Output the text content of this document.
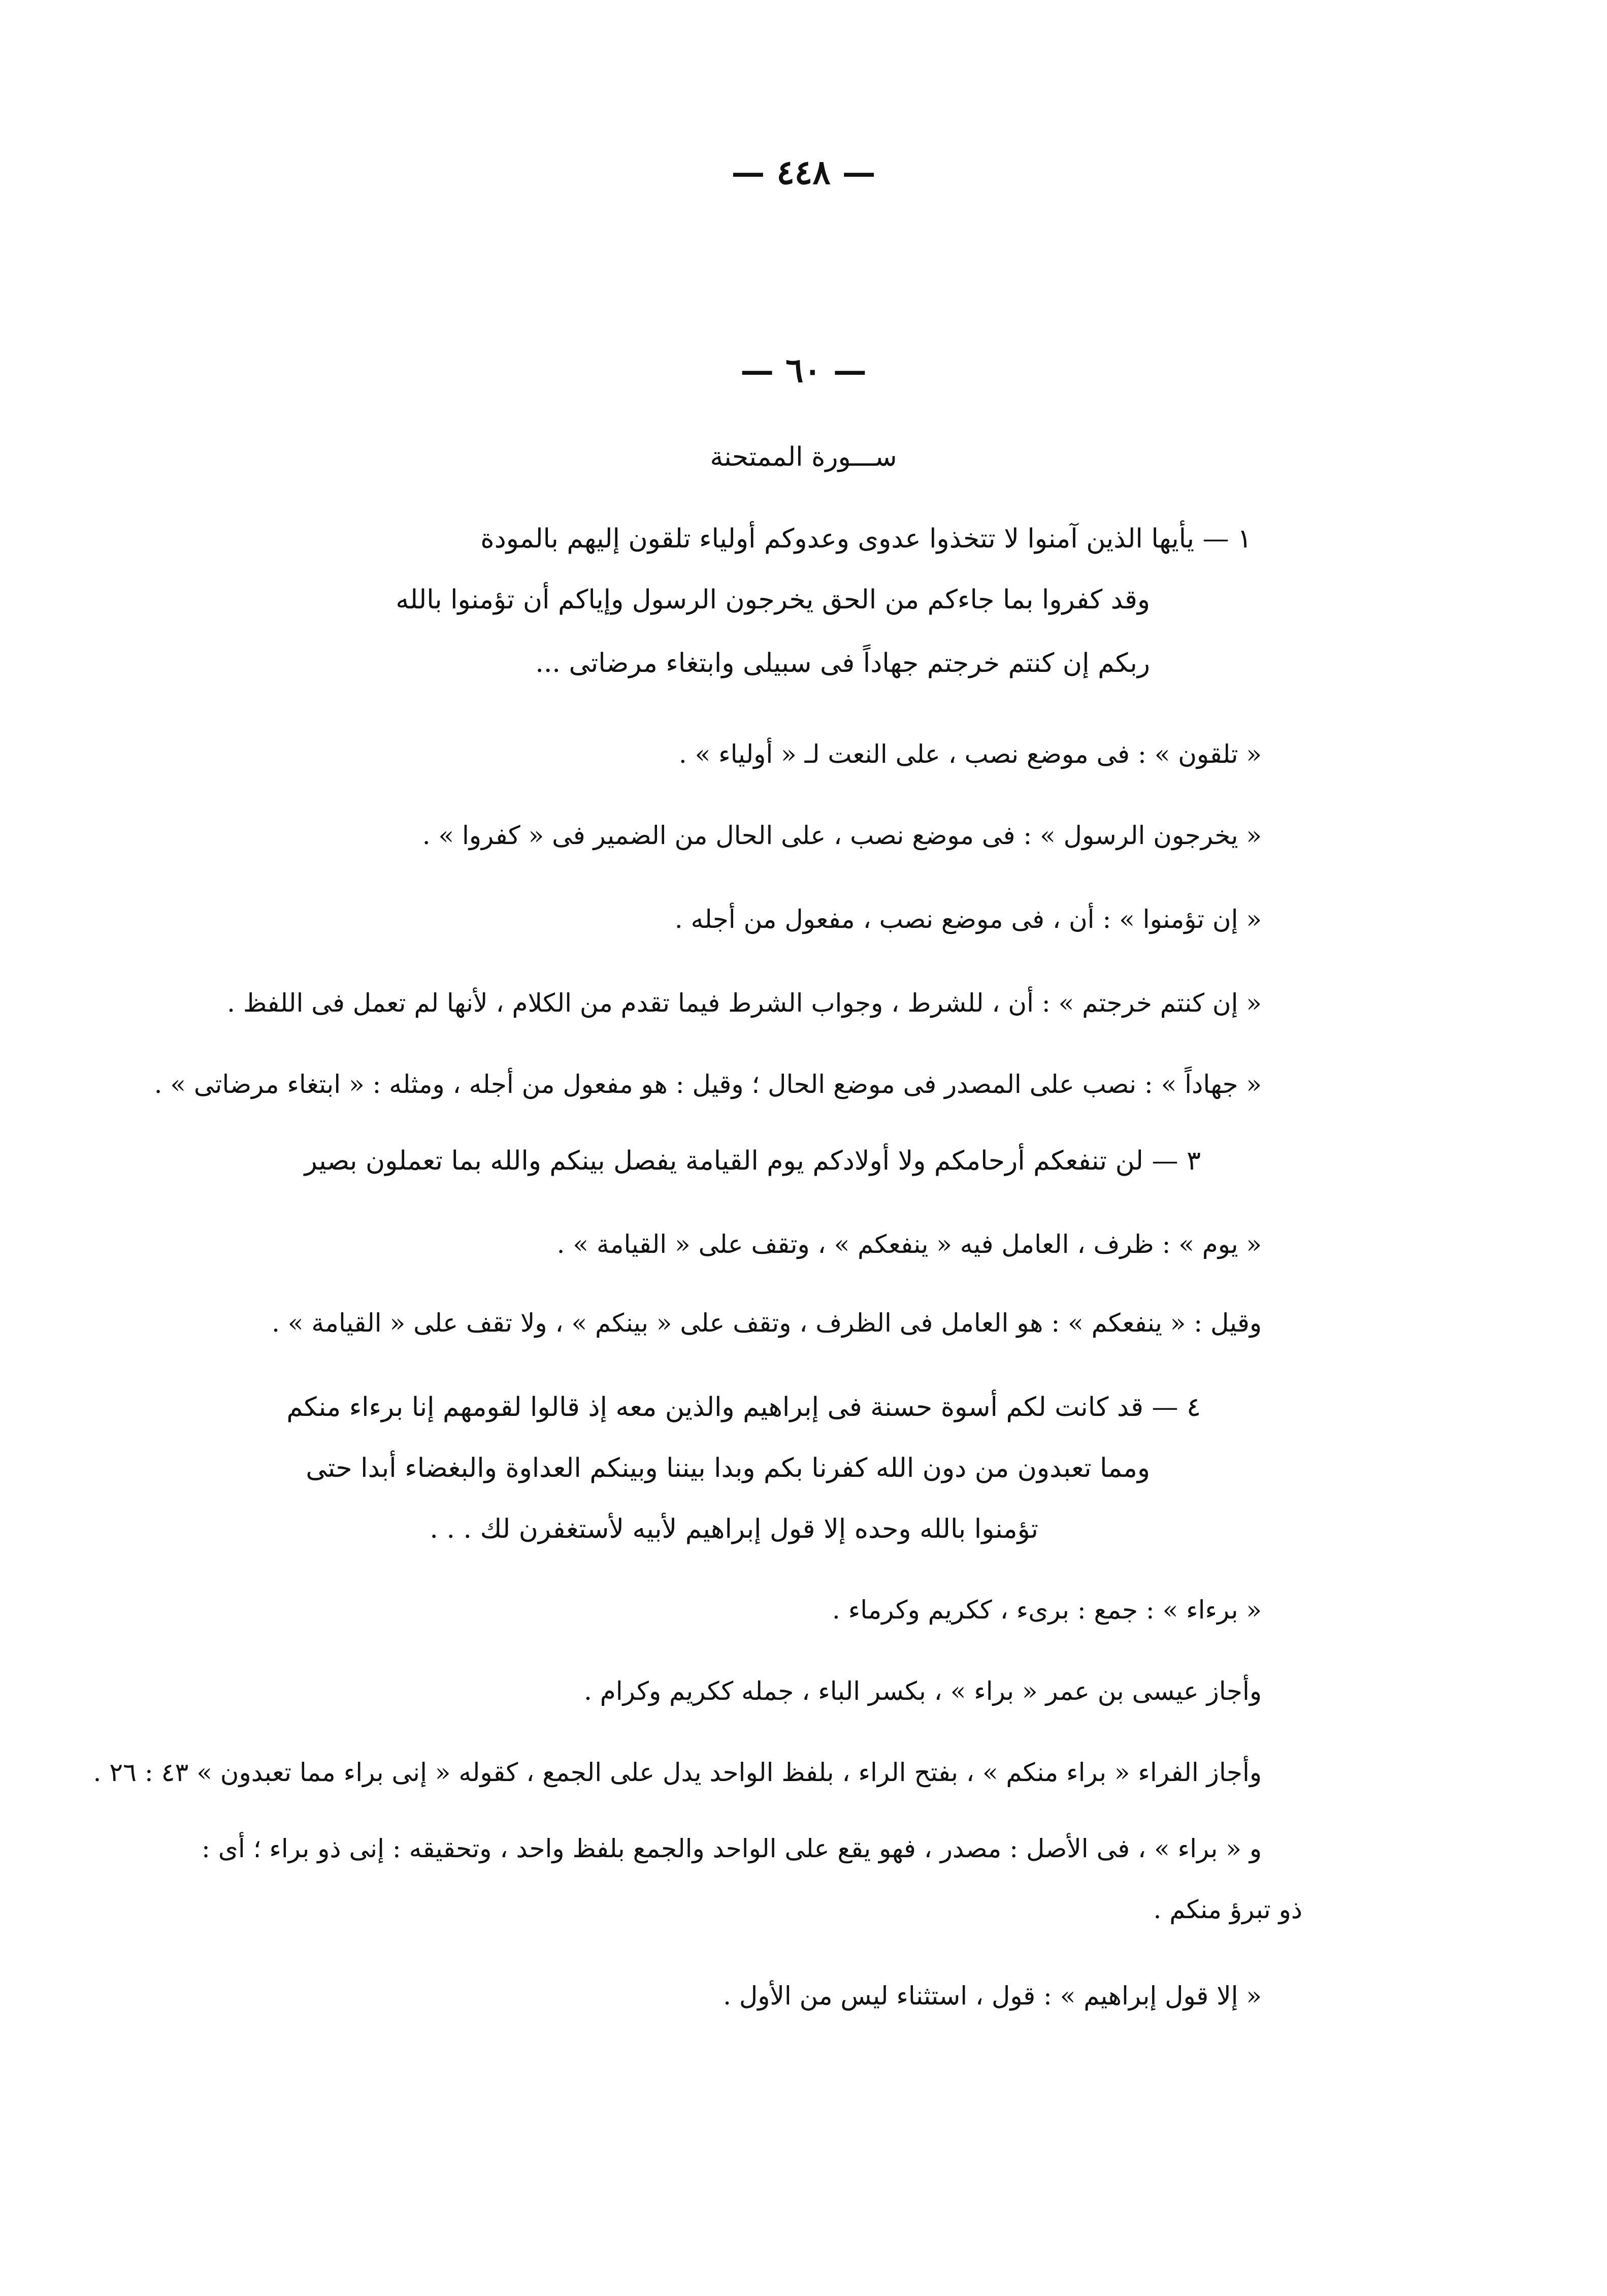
— ٤٤٨ —
— ٦٠ —
ســـورة الممتحنة
١ — يأيها الذين آمنوا لا تتخذوا عدوى وعدوكم أولياء تلقون إليهم بالمودة
وقد كفروا بما جاءكم من الحق يخرجون الرسول وإياكم أن تؤمنوا بالله
ربكم إن كنتم خرجتم جهاداً فى سبيلى وابتغاء مرضاتى ...
« تلقون » : فى موضع نصب ، على النعت لـ « أولياء » .
« يخرجون الرسول » : فى موضع نصب ، على الحال من الضمير فى « كفروا » .
« إن تؤمنوا » : أن ، فى موضع نصب ، مفعول من أجله .
« إن كنتم خرجتم » : أن ، للشرط ، وجواب الشرط فيما تقدم من الكلام ، لأنها لم تعمل فى اللفظ .
« جهاداً » : نصب على المصدر فى موضع الحال ؛ وقيل : هو مفعول من أجله ، ومثله : « ابتغاء مرضاتى » .
٣ — لن تنفعكم أرحامكم ولا أولادكم يوم القيامة يفصل بينكم والله بما تعملون بصير
« يوم » : ظرف ، العامل فيه « ينفعكم » ، وتقف على « القيامة » .
وقيل : « ينفعكم » : هو العامل فى الظرف ، وتقف على « بينكم » ، ولا تقف على « القيامة » .
٤ — قد كانت لكم أسوة حسنة فى إبراهيم والذين معه إذ قالوا لقومهم إنا برءاء منكم
ومما تعبدون من دون الله كفرنا بكم وبدا بيننا وبينكم العداوة والبغضاء أبدا حتى
تؤمنوا بالله وحده إلا قول إبراهيم لأبيه لأستغفرن لك . . .
« برءاء » : جمع : برىء ، ككريم وكرماء .
وأجاز عيسى بن عمر « براء » ، بكسر الباء ، جمله ككريم وكرام .
وأجاز الفراء « براء منكم » ، بفتح الراء ، بلفظ الواحد يدل على الجمع ، كقوله « إنى براء مما تعبدون » ٤٣ : ٢٦ .
و « براء » ، فى الأصل : مصدر ، فهو يقع على الواحد والجمع بلفظ واحد ، وتحقيقه : إنى ذو براء ؛ أى :
ذو تبرؤ منكم .
« إلا قول إبراهيم » : قول ، استثناء ليس من الأول .
